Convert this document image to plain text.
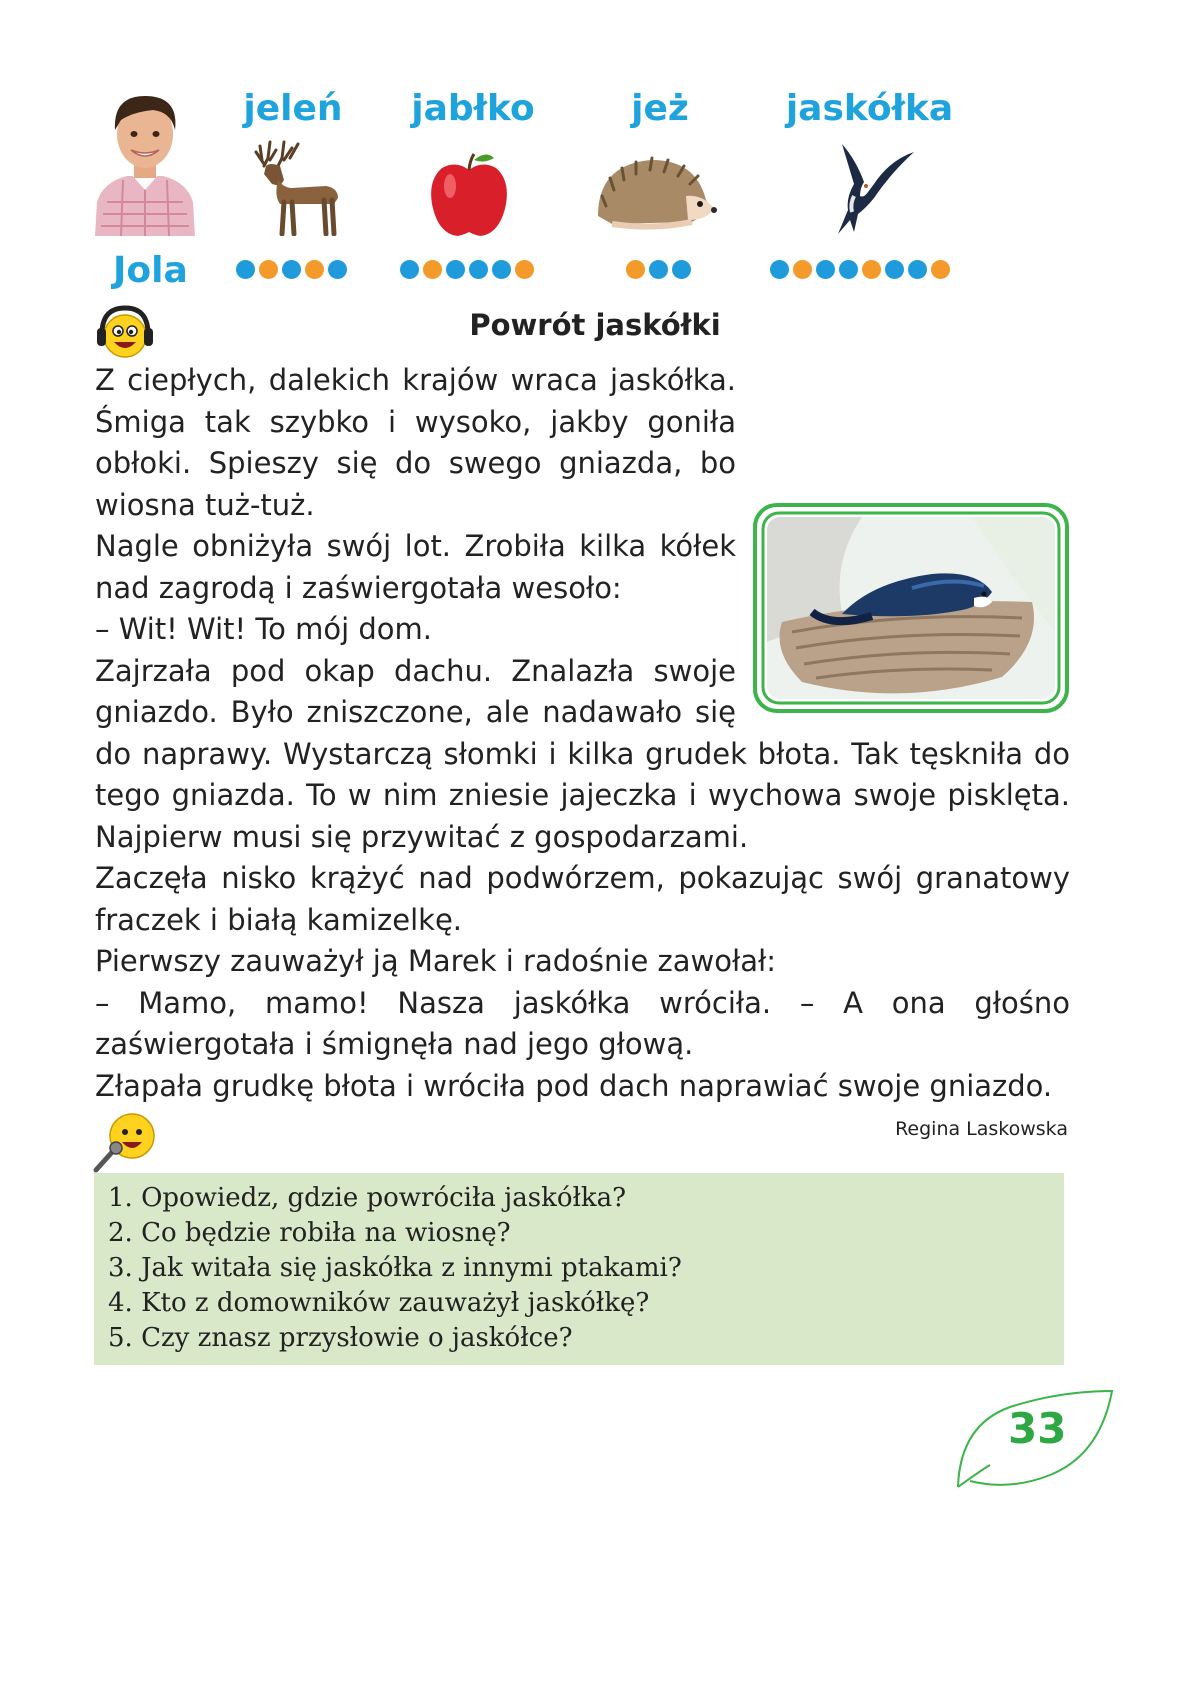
jeleń jabłko	jeż	jaskółka
Jola
Powrót jaskółki

Z ciepłych, dalekich krajów wraca jaskółka. Śmiga tak szybko i wysoko, jakby goniła obłoki. Spieszy się do swego gniazda, bo wiosna tuż-tuż.

Nagle obniżyła swój lot. Zrobiła kilka kółek nad zagrodą i zaświergotała wesoło:

– Wit! Wit! To mój dom.

Zajrzała pod okap dachu. Znalazła swoje gniazdo. Było zniszczone, ale nadawało się do naprawy. Wystarczą słomki i kilka grudek błota. Tak tęskniła do tego gniazda. To w nim zniesie jajeczka i wychowa swoje pisklęta. Najpierw musi się przywitać z gospodarzami.

Zaczęła nisko krążyć nad podwórzem, pokazując swój granatowy fraczek i białą kamizelkę.

Pierwszy zauważył ją Marek i radośnie zawołał:

– Mamo, mamo! Nasza jaskółka wróciła. – A ona głośno zaświergotała i śmignęła nad jego głową.

Złapała grudkę błota i wróciła pod dach naprawiać swoje gniazdo.

Regina Laskowska
1. Opowiedz, gdzie powróciła jaskółka?
2. Co będzie robiła na wiosnę?
3. Jak witała się jaskółka z innymi ptakami?
4. Kto z domowników zauważył jaskółkę?
5. Czy znasz przysłowie o jaskółce?
33
